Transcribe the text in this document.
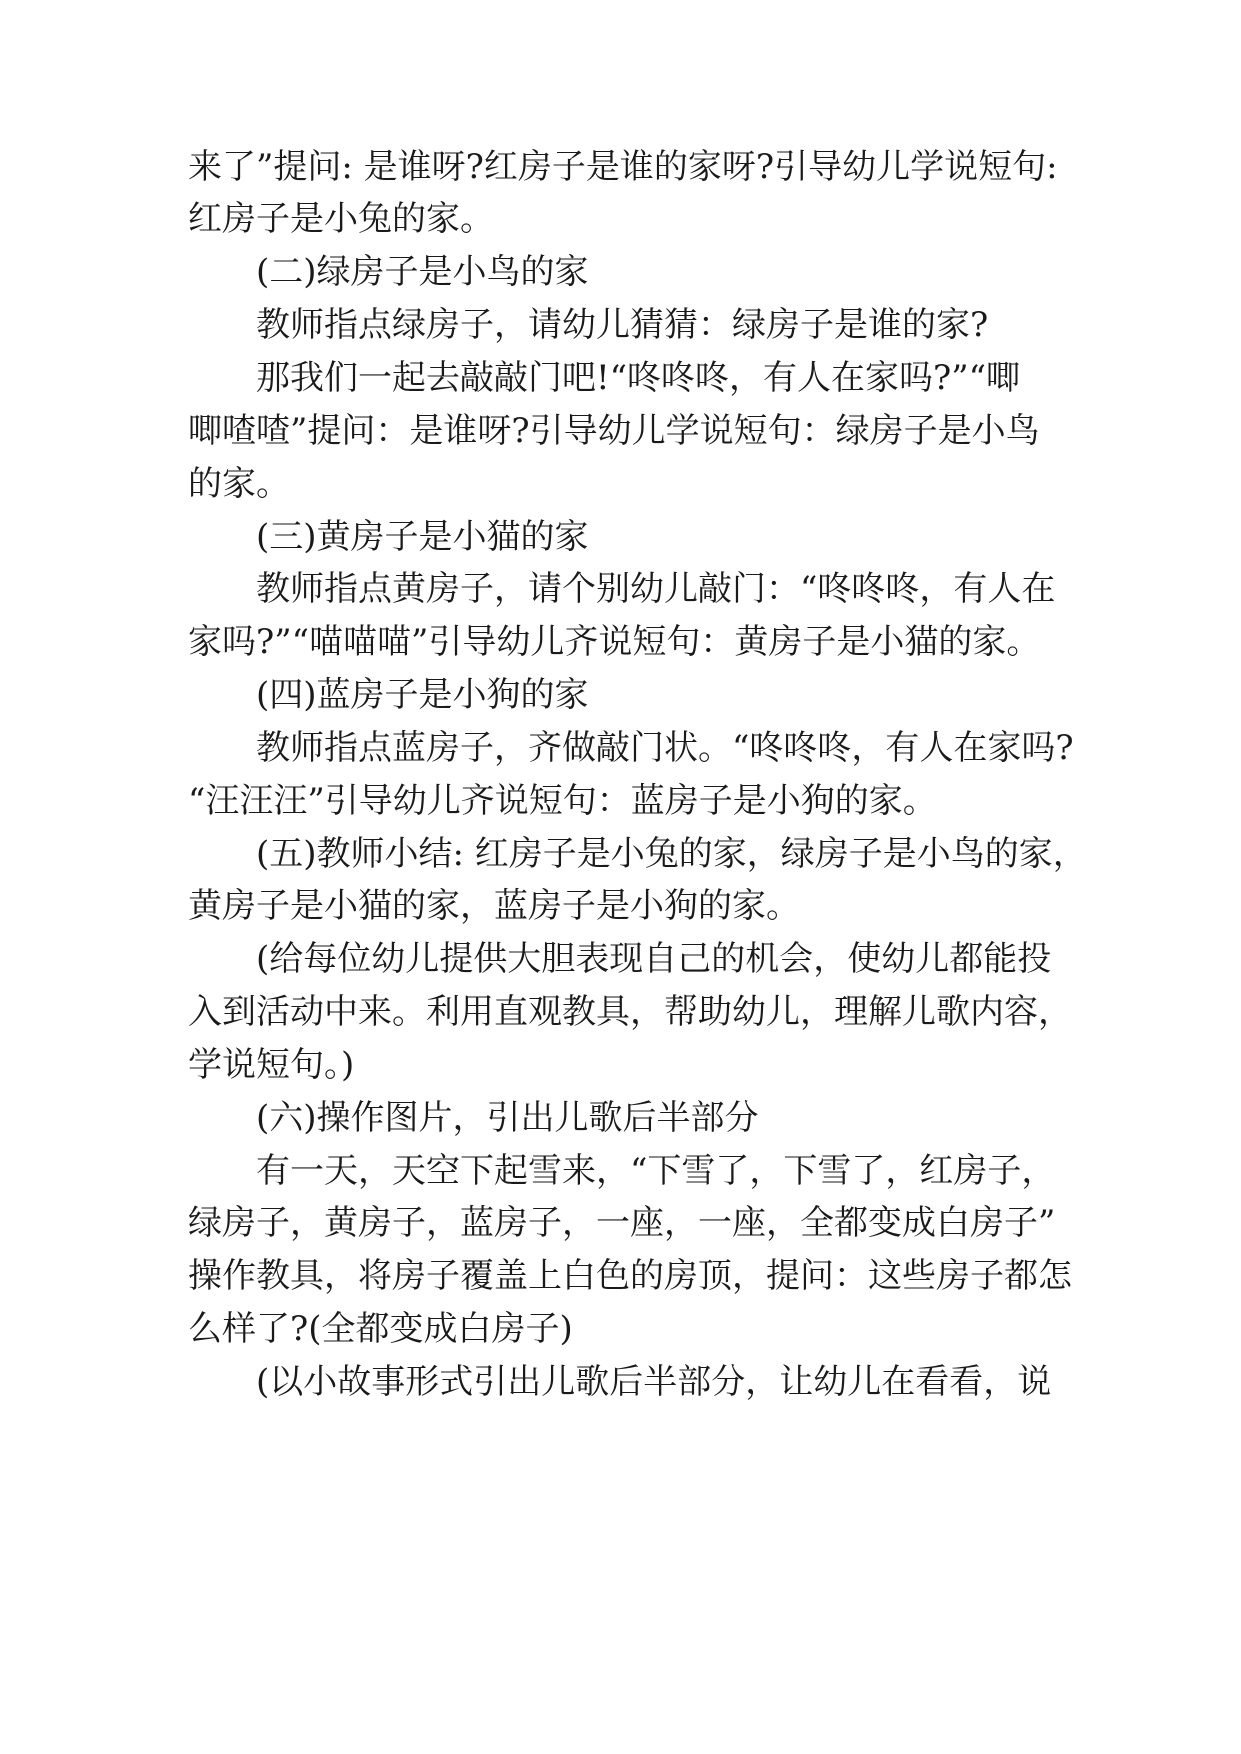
来了”提问: 是谁呀?红房子是谁的家呀?引导幼儿学说短句:

红房子是小兔的家。

(二)绿房子是小鸟的家

教师指点绿房子，请幼儿猜猜：绿房子是谁的家?

那我们一起去敲敲门吧!“咚咚咚，有人在家吗?”“唧

唧喳喳”提问：是谁呀?引导幼儿学说短句：绿房子是小鸟

的家。

(三)黄房子是小猫的家

教师指点黄房子，请个别幼儿敲门：“咚咚咚，有人在

家吗?”“喵喵喵”引导幼儿齐说短句：黄房子是小猫的家。

(四)蓝房子是小狗的家

教师指点蓝房子，齐做敲门状。“咚咚咚，有人在家吗?

“汪汪汪”引导幼儿齐说短句：蓝房子是小狗的家。

(五)教师小结: 红房子是小兔的家，绿房子是小鸟的家，

黄房子是小猫的家，蓝房子是小狗的家。

(给每位幼儿提供大胆表现自己的机会，使幼儿都能投

入到活动中来。利用直观教具，帮助幼儿，理解儿歌内容，

学说短句。)

(六)操作图片，引出儿歌后半部分

有一天，天空下起雪来，“下雪了，下雪了，红房子，

绿房子，黄房子，蓝房子，一座，一座，全都变成白房子”

操作教具，将房子覆盖上白色的房顶，提问：这些房子都怎

么样了?(全都变成白房子)

(以小故事形式引出儿歌后半部分，让幼儿在看看，说
